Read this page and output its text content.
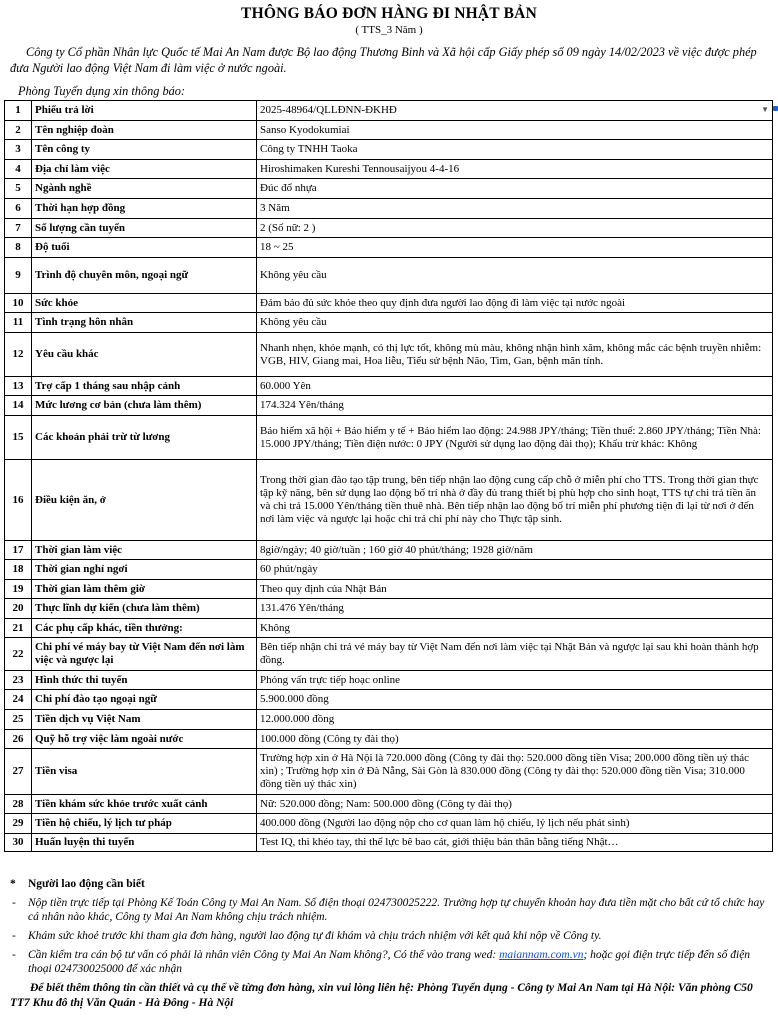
THÔNG BÁO ĐƠN HÀNG ĐI NHẬT BẢN
( TTS_3 Năm )
Công ty Cổ phần Nhân lực Quốc tế Mai An Nam được Bộ lao động Thương Binh và Xã hội cấp Giấy phép số 09 ngày 14/02/2023 về việc được phép đưa Người lao động Việt Nam đi làm việc ở nước ngoài.
Phòng Tuyển dụng xin thông báo:
1	Phiếu trả lời	2025-48964/QLLĐNN-ĐKHĐ ▼

2	Tên nghiệp đoàn	Sanso Kyodokumiai
3	Tên công ty	Công ty TNHH Taoka
4	Địa chỉ làm việc	Hiroshimaken Kureshi Tennousaijyou 4-4-16
5	Ngành nghề	Đúc đổ nhựa
6	Thời hạn hợp đồng	3 Năm
7	Số lượng cần tuyển	2 (Số nữ: 2 )
8	Độ tuổi	18 ~ 25
9	Trình độ chuyên môn, ngoại ngữ	Không yêu cầu
10	Sức khỏe	Đảm bảo đủ sức khỏe theo quy định đưa người lao động đi làm việc tại nước ngoài
11	Tình trạng hôn nhân	Không yêu cầu
12	Yêu cầu khác	Nhanh nhẹn, khỏe mạnh, có thị lực tốt, không mù màu, không nhận hình xăm, không mắc các bệnh truyền nhiễm: VGB, HIV, Giang mai, Hoa liễu, Tiểu sử bệnh Não, Tim, Gan, bệnh mãn tính.
13	Trợ cấp 1 tháng sau nhập cảnh	60.000 Yên
14	Mức lương cơ bản (chưa làm thêm)	174.324 Yên/tháng
15	Các khoản phải trừ từ lương	Bảo hiểm xã hội + Bảo hiểm y tế + Bảo hiểm lao động: 24.988 JPY/tháng; Tiền thuế: 2.860 JPY/tháng; Tiền Nhà: 15.000 JPY/tháng; Tiền điện nước: 0 JPY (Người sử dụng lao động đài thọ); Khấu trừ khác: Không
16	Điều kiện ăn, ở	Trong thời gian đào tạo tập trung, bên tiếp nhận lao động cung cấp chỗ ở miễn phí cho TTS. Trong thời gian thực tập kỹ năng, bên sử dụng lao động bố trí nhà ở đầy đủ trang thiết bị phù hợp cho sinh hoạt, TTS tự chi trả tiền ăn và chi trả 15.000 Yên/tháng tiền thuê nhà. Bên tiếp nhận lao động bố trí miễn phí phương tiện đi lại từ nơi ở đến nơi làm việc và ngược lại hoặc chi trả chi phí này cho Thực tập sinh.
17	Thời gian làm việc	8giờ/ngày; 40 giờ/tuần ; 160 giờ 40 phút/tháng; 1928 giờ/năm
18	Thời gian nghỉ ngơi	60 phút/ngày
19	Thời gian làm thêm giờ	Theo quy định của Nhật Bản
20	Thực lĩnh dự kiến (chưa làm thêm)	131.476 Yên/tháng
21	Các phụ cấp khác, tiền thưởng:	Không
22	Chi phí vé máy bay từ Việt Nam đến nơi làm việc và ngược lại	Bên tiếp nhận chi trả vé máy bay từ Việt Nam đến nơi làm việc tại Nhật Bản và ngược lại sau khi hoàn thành hợp đồng.
23	Hình thức thi tuyển	Phỏng vấn trực tiếp hoạc online
24	Chi phí đào tạo ngoại ngữ	5.900.000 đồng
25	Tiền dịch vụ Việt Nam	12.000.000 đồng
26	Quỹ hỗ trợ việc làm ngoài nước	100.000 đồng (Công ty đài thọ)
27	Tiền visa	Trường hợp xin ở Hà Nội là 720.000 đồng (Công ty đài thọ: 520.000 đồng tiền Visa; 200.000 đồng tiền uỷ thác xin) ; Trường hợp xin ở Đà Nẵng, Sài Gòn là 830.000 đồng (Công ty đài thọ: 520.000 đồng tiền Visa; 310.000 đồng tiền uỷ thác xin)
28	Tiền khám sức khỏe trước xuất cảnh	Nữ: 520.000 đồng; Nam: 500.000 đồng (Công ty đài thọ)
29	Tiền hộ chiếu, lý lịch tư pháp	400.000 đồng (Người lao động nộp cho cơ quan làm hộ chiếu, lý lịch nếu phát sinh)
30	Huấn luyện thi tuyển	Test IQ, thi khéo tay, thi thể lực bê bao cát, giới thiệu bản thân bằng tiếng Nhật…
* Người lao động cần biết
- Nộp tiền trực tiếp tại Phòng Kế Toán Công ty Mai An Nam. Số điện thoại 024730025222. Trường hợp tự chuyển khoản hay đưa tiền mặt cho bất cứ tổ chức hay cá nhân nào khác, Công ty Mai An Nam không chịu trách nhiệm.
- Khám sức khoẻ trước khi tham gia đơn hàng, người lao động tự đi khám và chịu trách nhiệm với kết quả khi nộp về Công ty.
- Cần kiểm tra cán bộ tư vấn có phải là nhân viên Công ty Mai An Nam không?, Có thể vào trang wed: maiannam.com.vn; hoặc gọi điện trực tiếp đến số điện thoại 024730025000 để xác nhận
Để biết thêm thông tin cần thiết và cụ thể về từng đơn hàng, xin vui lòng liên hệ: Phòng Tuyển dụng - Công ty Mai An Nam tại Hà Nội: Văn phòng C50 TT7 Khu đô thị Văn Quán - Hà Đông - Hà Nội
